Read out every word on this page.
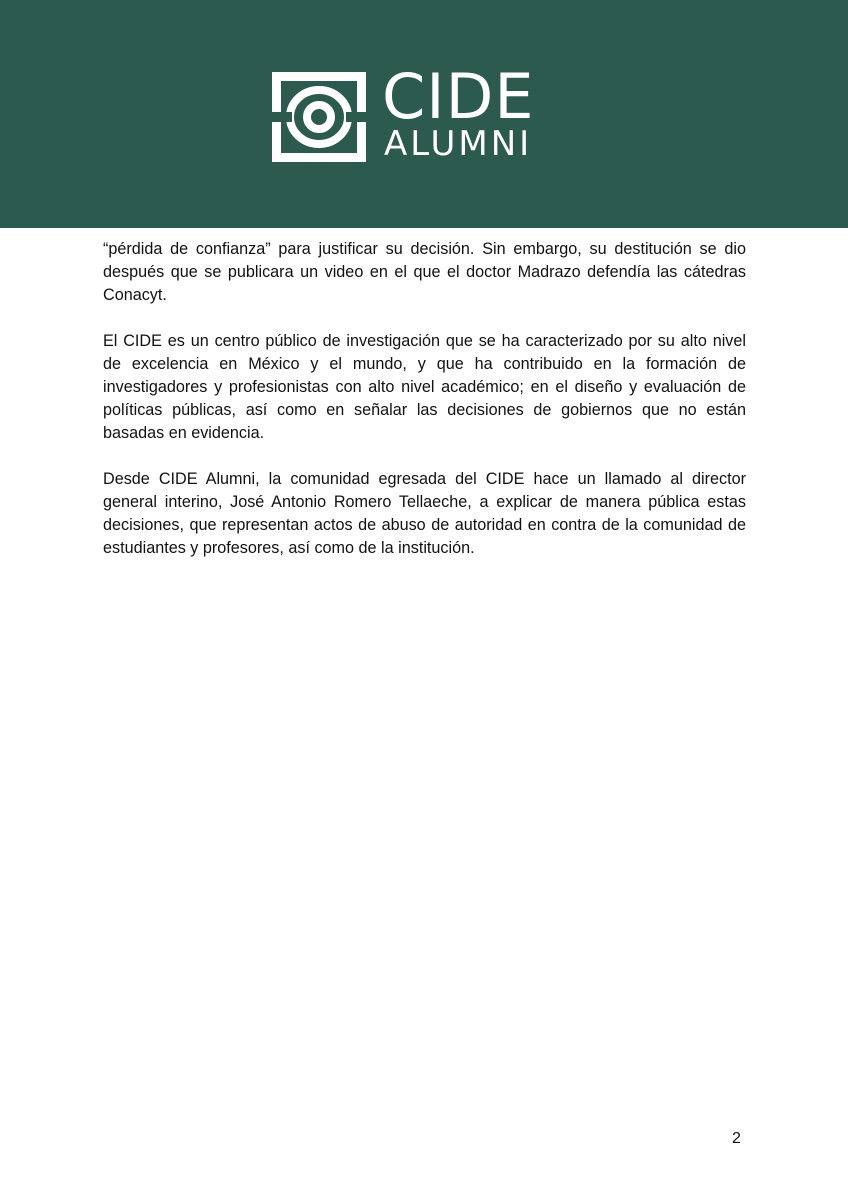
CIDE
ALUMNI

“pérdida de confianza” para justificar su decisión. Sin embargo, su destitución se dio después que se publicara un video en el que el doctor Madrazo defendía las cátedras Conacyt.

El CIDE es un centro público de investigación que se ha caracterizado por su alto nivel de excelencia en México y el mundo, y que ha contribuido en la formación de investigadores y profesionistas con alto nivel académico; en el diseño y evaluación de políticas públicas, así como en señalar las decisiones de gobiernos que no están basadas en evidencia.

Desde CIDE Alumni, la comunidad egresada del CIDE hace un llamado al director general interino, José Antonio Romero Tellaeche, a explicar de manera pública estas decisiones, que representan actos de abuso de autoridad en contra de la comunidad de estudiantes y profesores, así como de la institución.

2
